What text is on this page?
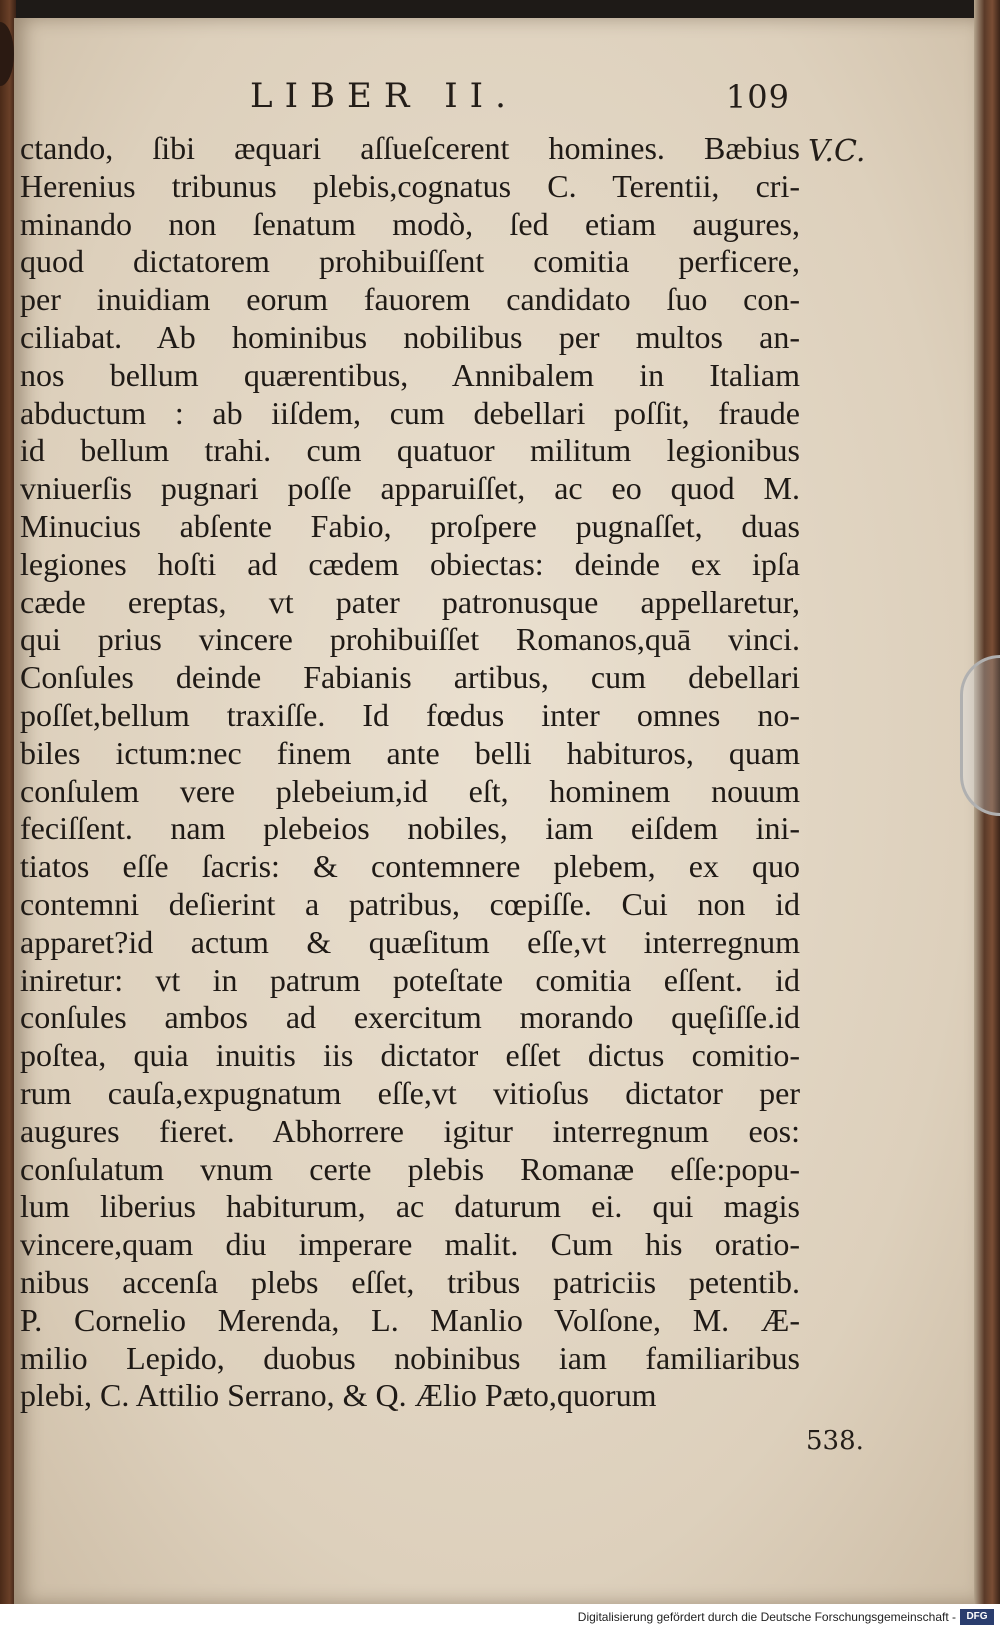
LIBER II.	109
V.C.
538.
ctando, ſibi æquari aſſueſcerent homines. Bæbius
Herenius tribunus plebis,cognatus C. Terentii, cri-
minando non ſenatum modò, ſed etiam augures,
quod dictatorem prohibuiſſent comitia perficere,
per inuidiam eorum fauorem candidato ſuo con-
ciliabat. Ab hominibus nobilibus per multos an-
nos bellum quærentibus, Annibalem in Italiam
abductum : ab iiſdem, cum debellari poſſit, fraude
id bellum trahi. cum quatuor militum legionibus
vniuerſis pugnari poſſe apparuiſſet, ac eo quod M.
Minucius abſente Fabio, proſpere pugnaſſet, duas
legiones hoſti ad cædem obiectas: deinde ex ipſa
cæde ereptas, vt pater patronusque appellaretur,
qui prius vincere prohibuiſſet Romanos,quā vinci.
Conſules deinde Fabianis artibus, cum debellari
poſſet,bellum traxiſſe. Id fœdus inter omnes no-
biles ictum:nec finem ante belli habituros, quam
conſulem vere plebeium,id eſt, hominem nouum
feciſſent. nam plebeios nobiles, iam eiſdem ini-
tiatos eſſe ſacris: & contemnere plebem, ex quo
contemni deſierint a patribus, cœpiſſe. Cui non id
apparet?id actum & quæſitum eſſe,vt interregnum
iniretur: vt in patrum poteſtate comitia eſſent. id
conſules ambos ad exercitum morando quęſiſſe.id
poſtea, quia inuitis iis dictator eſſet dictus comitio-
rum cauſa,expugnatum eſſe,vt vitioſus dictator per
augures fieret. Abhorrere igitur interregnum eos:
conſulatum vnum certe plebis Romanæ eſſe:popu-
lum liberius habiturum, ac daturum ei. qui magis
vincere,quam diu imperare malit. Cum his oratio-
nibus accenſa plebs eſſet, tribus patriciis petentib.
P. Cornelio Merenda, L. Manlio Volſone, M. Æ-
milio Lepido, duobus nobinibus iam familiaribus
plebi, C. Attilio Serrano, & Q. Ælio Pæto,quorum
Digitalisierung gefördert durch die Deutsche Forschungsgemeinschaft -	DFG
